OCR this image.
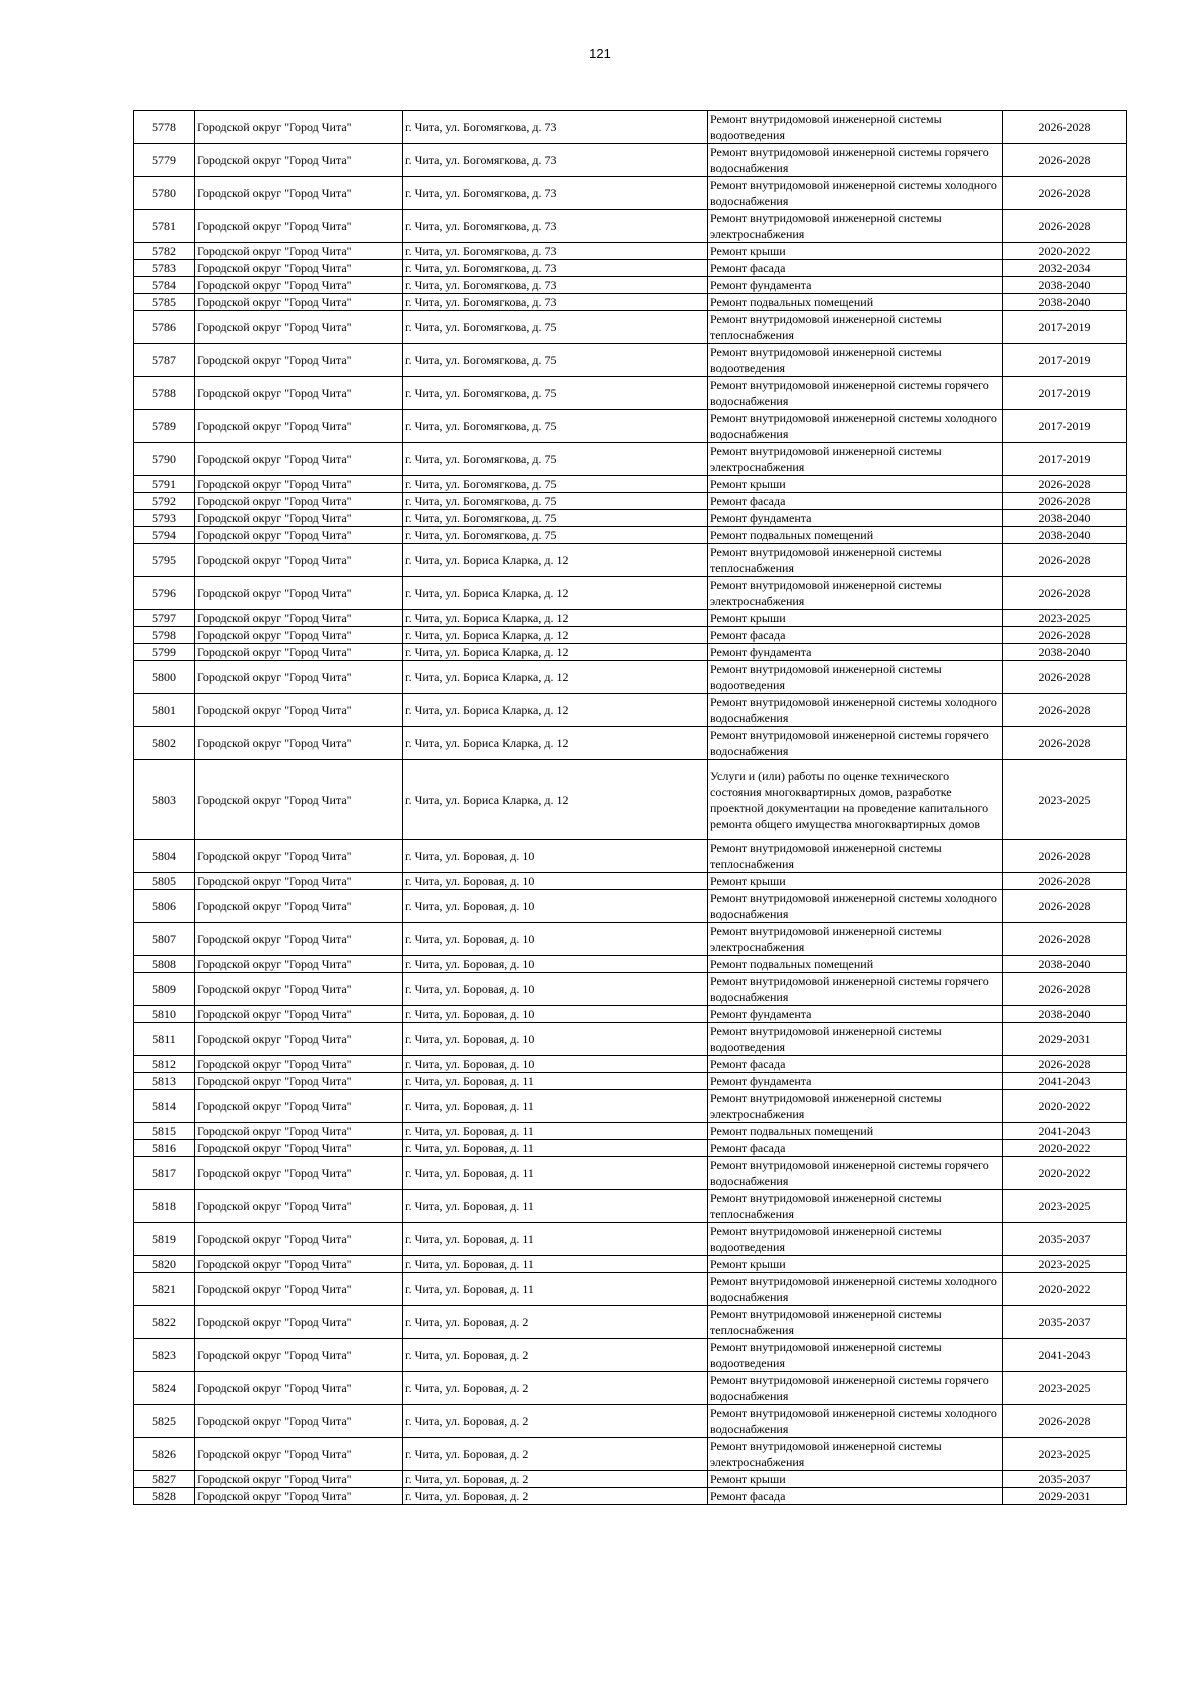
121
5778	Городской округ "Город Чита"	г. Чита, ул. Богомягкова, д. 73	Ремонт внутридомовой инженерной системы водоотведения	2026-2028
5779	Городской округ "Город Чита"	г. Чита, ул. Богомягкова, д. 73	Ремонт внутридомовой инженерной системы горячего водоснабжения	2026-2028
5780	Городской округ "Город Чита"	г. Чита, ул. Богомягкова, д. 73	Ремонт внутридомовой инженерной системы холодного водоснабжения	2026-2028
5781	Городской округ "Город Чита"	г. Чита, ул. Богомягкова, д. 73	Ремонт внутридомовой инженерной системы электроснабжения	2026-2028
5782	Городской округ "Город Чита"	г. Чита, ул. Богомягкова, д. 73	Ремонт крыши	2020-2022
5783	Городской округ "Город Чита"	г. Чита, ул. Богомягкова, д. 73	Ремонт фасада	2032-2034
5784	Городской округ "Город Чита"	г. Чита, ул. Богомягкова, д. 73	Ремонт фундамента	2038-2040
5785	Городской округ "Город Чита"	г. Чита, ул. Богомягкова, д. 73	Ремонт подвальных помещений	2038-2040
5786	Городской округ "Город Чита"	г. Чита, ул. Богомягкова, д. 75	Ремонт внутридомовой инженерной системы теплоснабжения	2017-2019
5787	Городской округ "Город Чита"	г. Чита, ул. Богомягкова, д. 75	Ремонт внутридомовой инженерной системы водоотведения	2017-2019
5788	Городской округ "Город Чита"	г. Чита, ул. Богомягкова, д. 75	Ремонт внутридомовой инженерной системы горячего водоснабжения	2017-2019
5789	Городской округ "Город Чита"	г. Чита, ул. Богомягкова, д. 75	Ремонт внутридомовой инженерной системы холодного водоснабжения	2017-2019
5790	Городской округ "Город Чита"	г. Чита, ул. Богомягкова, д. 75	Ремонт внутридомовой инженерной системы электроснабжения	2017-2019
5791	Городской округ "Город Чита"	г. Чита, ул. Богомягкова, д. 75	Ремонт крыши	2026-2028
5792	Городской округ "Город Чита"	г. Чита, ул. Богомягкова, д. 75	Ремонт фасада	2026-2028
5793	Городской округ "Город Чита"	г. Чита, ул. Богомягкова, д. 75	Ремонт фундамента	2038-2040
5794	Городской округ "Город Чита"	г. Чита, ул. Богомягкова, д. 75	Ремонт подвальных помещений	2038-2040
5795	Городской округ "Город Чита"	г. Чита, ул. Бориса Кларка, д. 12	Ремонт внутридомовой инженерной системы теплоснабжения	2026-2028
5796	Городской округ "Город Чита"	г. Чита, ул. Бориса Кларка, д. 12	Ремонт внутридомовой инженерной системы электроснабжения	2026-2028
5797	Городской округ "Город Чита"	г. Чита, ул. Бориса Кларка, д. 12	Ремонт крыши	2023-2025
5798	Городской округ "Город Чита"	г. Чита, ул. Бориса Кларка, д. 12	Ремонт фасада	2026-2028
5799	Городской округ "Город Чита"	г. Чита, ул. Бориса Кларка, д. 12	Ремонт фундамента	2038-2040
5800	Городской округ "Город Чита"	г. Чита, ул. Бориса Кларка, д. 12	Ремонт внутридомовой инженерной системы водоотведения	2026-2028
5801	Городской округ "Город Чита"	г. Чита, ул. Бориса Кларка, д. 12	Ремонт внутридомовой инженерной системы холодного водоснабжения	2026-2028
5802	Городской округ "Город Чита"	г. Чита, ул. Бориса Кларка, д. 12	Ремонт внутридомовой инженерной системы горячего водоснабжения	2026-2028
5803	Городской округ "Город Чита"	г. Чита, ул. Бориса Кларка, д. 12	Услуги и (или) работы по оценке технического состояния многоквартирных домов, разработке проектной документации на проведение капитального ремонта общего имущества многоквартирных домов	2023-2025
5804	Городской округ "Город Чита"	г. Чита, ул. Боровая, д. 10	Ремонт внутридомовой инженерной системы теплоснабжения	2026-2028
5805	Городской округ "Город Чита"	г. Чита, ул. Боровая, д. 10	Ремонт крыши	2026-2028
5806	Городской округ "Город Чита"	г. Чита, ул. Боровая, д. 10	Ремонт внутридомовой инженерной системы холодного водоснабжения	2026-2028
5807	Городской округ "Город Чита"	г. Чита, ул. Боровая, д. 10	Ремонт внутридомовой инженерной системы электроснабжения	2026-2028
5808	Городской округ "Город Чита"	г. Чита, ул. Боровая, д. 10	Ремонт подвальных помещений	2038-2040
5809	Городской округ "Город Чита"	г. Чита, ул. Боровая, д. 10	Ремонт внутридомовой инженерной системы горячего водоснабжения	2026-2028
5810	Городской округ "Город Чита"	г. Чита, ул. Боровая, д. 10	Ремонт фундамента	2038-2040
5811	Городской округ "Город Чита"	г. Чита, ул. Боровая, д. 10	Ремонт внутридомовой инженерной системы водоотведения	2029-2031
5812	Городской округ "Город Чита"	г. Чита, ул. Боровая, д. 10	Ремонт фасада	2026-2028
5813	Городской округ "Город Чита"	г. Чита, ул. Боровая, д. 11	Ремонт фундамента	2041-2043
5814	Городской округ "Город Чита"	г. Чита, ул. Боровая, д. 11	Ремонт внутридомовой инженерной системы электроснабжения	2020-2022
5815	Городской округ "Город Чита"	г. Чита, ул. Боровая, д. 11	Ремонт подвальных помещений	2041-2043
5816	Городской округ "Город Чита"	г. Чита, ул. Боровая, д. 11	Ремонт фасада	2020-2022
5817	Городской округ "Город Чита"	г. Чита, ул. Боровая, д. 11	Ремонт внутридомовой инженерной системы горячего водоснабжения	2020-2022
5818	Городской округ "Город Чита"	г. Чита, ул. Боровая, д. 11	Ремонт внутридомовой инженерной системы теплоснабжения	2023-2025
5819	Городской округ "Город Чита"	г. Чита, ул. Боровая, д. 11	Ремонт внутридомовой инженерной системы водоотведения	2035-2037
5820	Городской округ "Город Чита"	г. Чита, ул. Боровая, д. 11	Ремонт крыши	2023-2025
5821	Городской округ "Город Чита"	г. Чита, ул. Боровая, д. 11	Ремонт внутридомовой инженерной системы холодного водоснабжения	2020-2022
5822	Городской округ "Город Чита"	г. Чита, ул. Боровая, д. 2	Ремонт внутридомовой инженерной системы теплоснабжения	2035-2037
5823	Городской округ "Город Чита"	г. Чита, ул. Боровая, д. 2	Ремонт внутридомовой инженерной системы водоотведения	2041-2043
5824	Городской округ "Город Чита"	г. Чита, ул. Боровая, д. 2	Ремонт внутридомовой инженерной системы горячего водоснабжения	2023-2025
5825	Городской округ "Город Чита"	г. Чита, ул. Боровая, д. 2	Ремонт внутридомовой инженерной системы холодного водоснабжения	2026-2028
5826	Городской округ "Город Чита"	г. Чита, ул. Боровая, д. 2	Ремонт внутридомовой инженерной системы электроснабжения	2023-2025
5827	Городской округ "Город Чита"	г. Чита, ул. Боровая, д. 2	Ремонт крыши	2035-2037
5828	Городской округ "Город Чита"	г. Чита, ул. Боровая, д. 2	Ремонт фасада	2029-2031
